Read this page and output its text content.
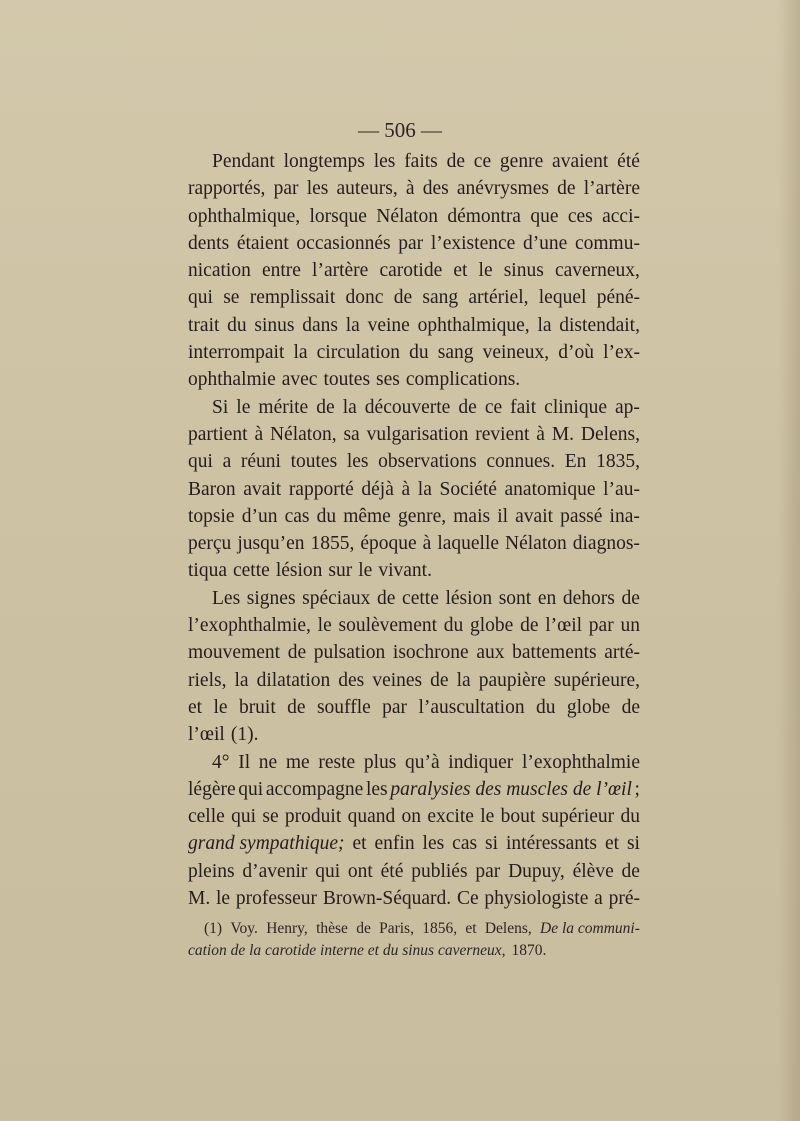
— 506 —
Pendant longtemps les faits de ce genre avaient été
rapportés, par les auteurs, à des anévrysmes de l’artère
ophthalmique, lorsque Nélaton démontra que ces acci-
dents étaient occasionnés par l’existence d’une commu-
nication entre l’artère carotide et le sinus caverneux,
qui se remplissait donc de sang artériel, lequel péné-
trait du sinus dans la veine ophthalmique, la distendait,
interrompait la circulation du sang veineux, d’où l’ex-
ophthalmie avec toutes ses complications.
Si le mérite de la découverte de ce fait clinique ap-
partient à Nélaton, sa vulgarisation revient à M. Delens,
qui a réuni toutes les observations connues. En 1835,
Baron avait rapporté déjà à la Société anatomique l’au-
topsie d’un cas du même genre, mais il avait passé ina-
perçu jusqu’en 1855, époque à laquelle Nélaton diagnos-
tiqua cette lésion sur le vivant.
Les signes spéciaux de cette lésion sont en dehors de
l’exophthalmie, le soulèvement du globe de l’œil par un
mouvement de pulsation isochrone aux battements arté-
riels, la dilatation des veines de la paupière supérieure,
et le bruit de souffle par l’auscultation du globe de
l’œil (1).
4° Il ne me reste plus qu’à indiquer l’exophthalmie
légère qui accompagne les paralysies des muscles de l’œil ;
celle qui se produit quand on excite le bout supérieur du
grand sympathique; et enfin les cas si intéressants et si
pleins d’avenir qui ont été publiés par Dupuy, élève de
M. le professeur Brown-Séquard. Ce physiologiste a pré-
(1) Voy. Henry, thèse de Paris, 1856, et Delens, De la communi-
cation de la carotide interne et du sinus caverneux, 1870.
